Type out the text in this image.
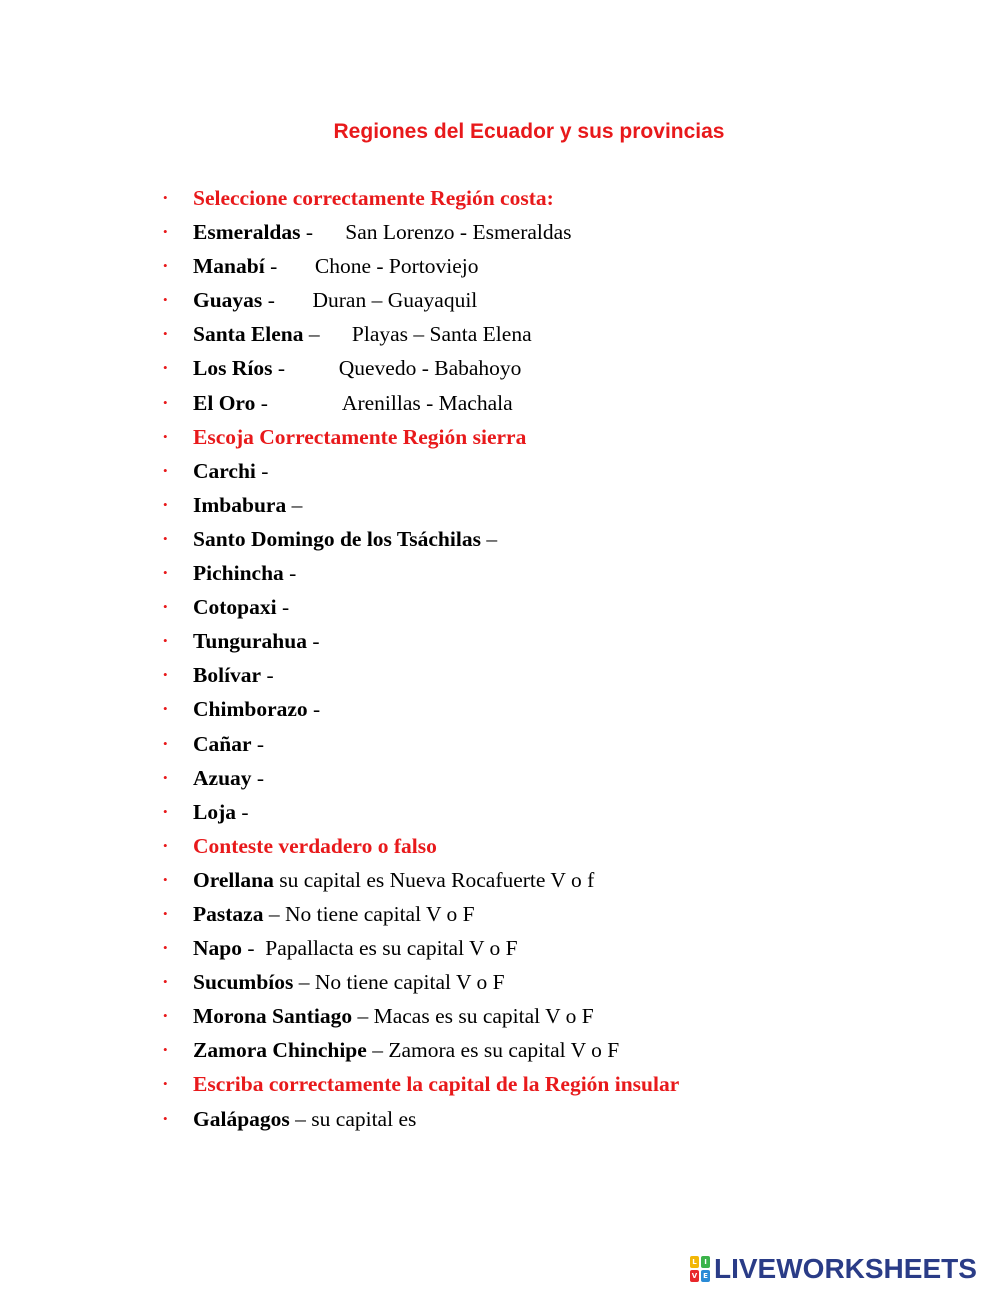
Regiones del Ecuador y sus provincias
• Seleccione correctamente Región costa:
• Esmeraldas -      San Lorenzo - Esmeraldas
• Manabí -       Chone - Portoviejo
• Guayas -       Duran – Guayaquil
• Santa Elena –      Playas – Santa Elena
• Los Ríos -          Quevedo - Babahoyo
• El Oro -              Arenillas - Machala
• Escoja Correctamente Región sierra
• Carchi -
• Imbabura –
• Santo Domingo de los Tsáchilas –
• Pichincha -
• Cotopaxi -
• Tungurahua -
• Bolívar -
• Chimborazo -
• Cañar -
• Azuay -
• Loja -
• Conteste verdadero o falso
• Orellana su capital es Nueva Rocafuerte V o f
• Pastaza – No tiene capital V o F
• Napo -  Papallacta es su capital V o F
• Sucumbíos – No tiene capital V o F
• Morona Santiago – Macas es su capital V o F
• Zamora Chinchipe – Zamora es su capital V o F
• Escriba correctamente la capital de la Región insular
• Galápagos – su capital es
L	I
V E LIVEWORKSHEETS
